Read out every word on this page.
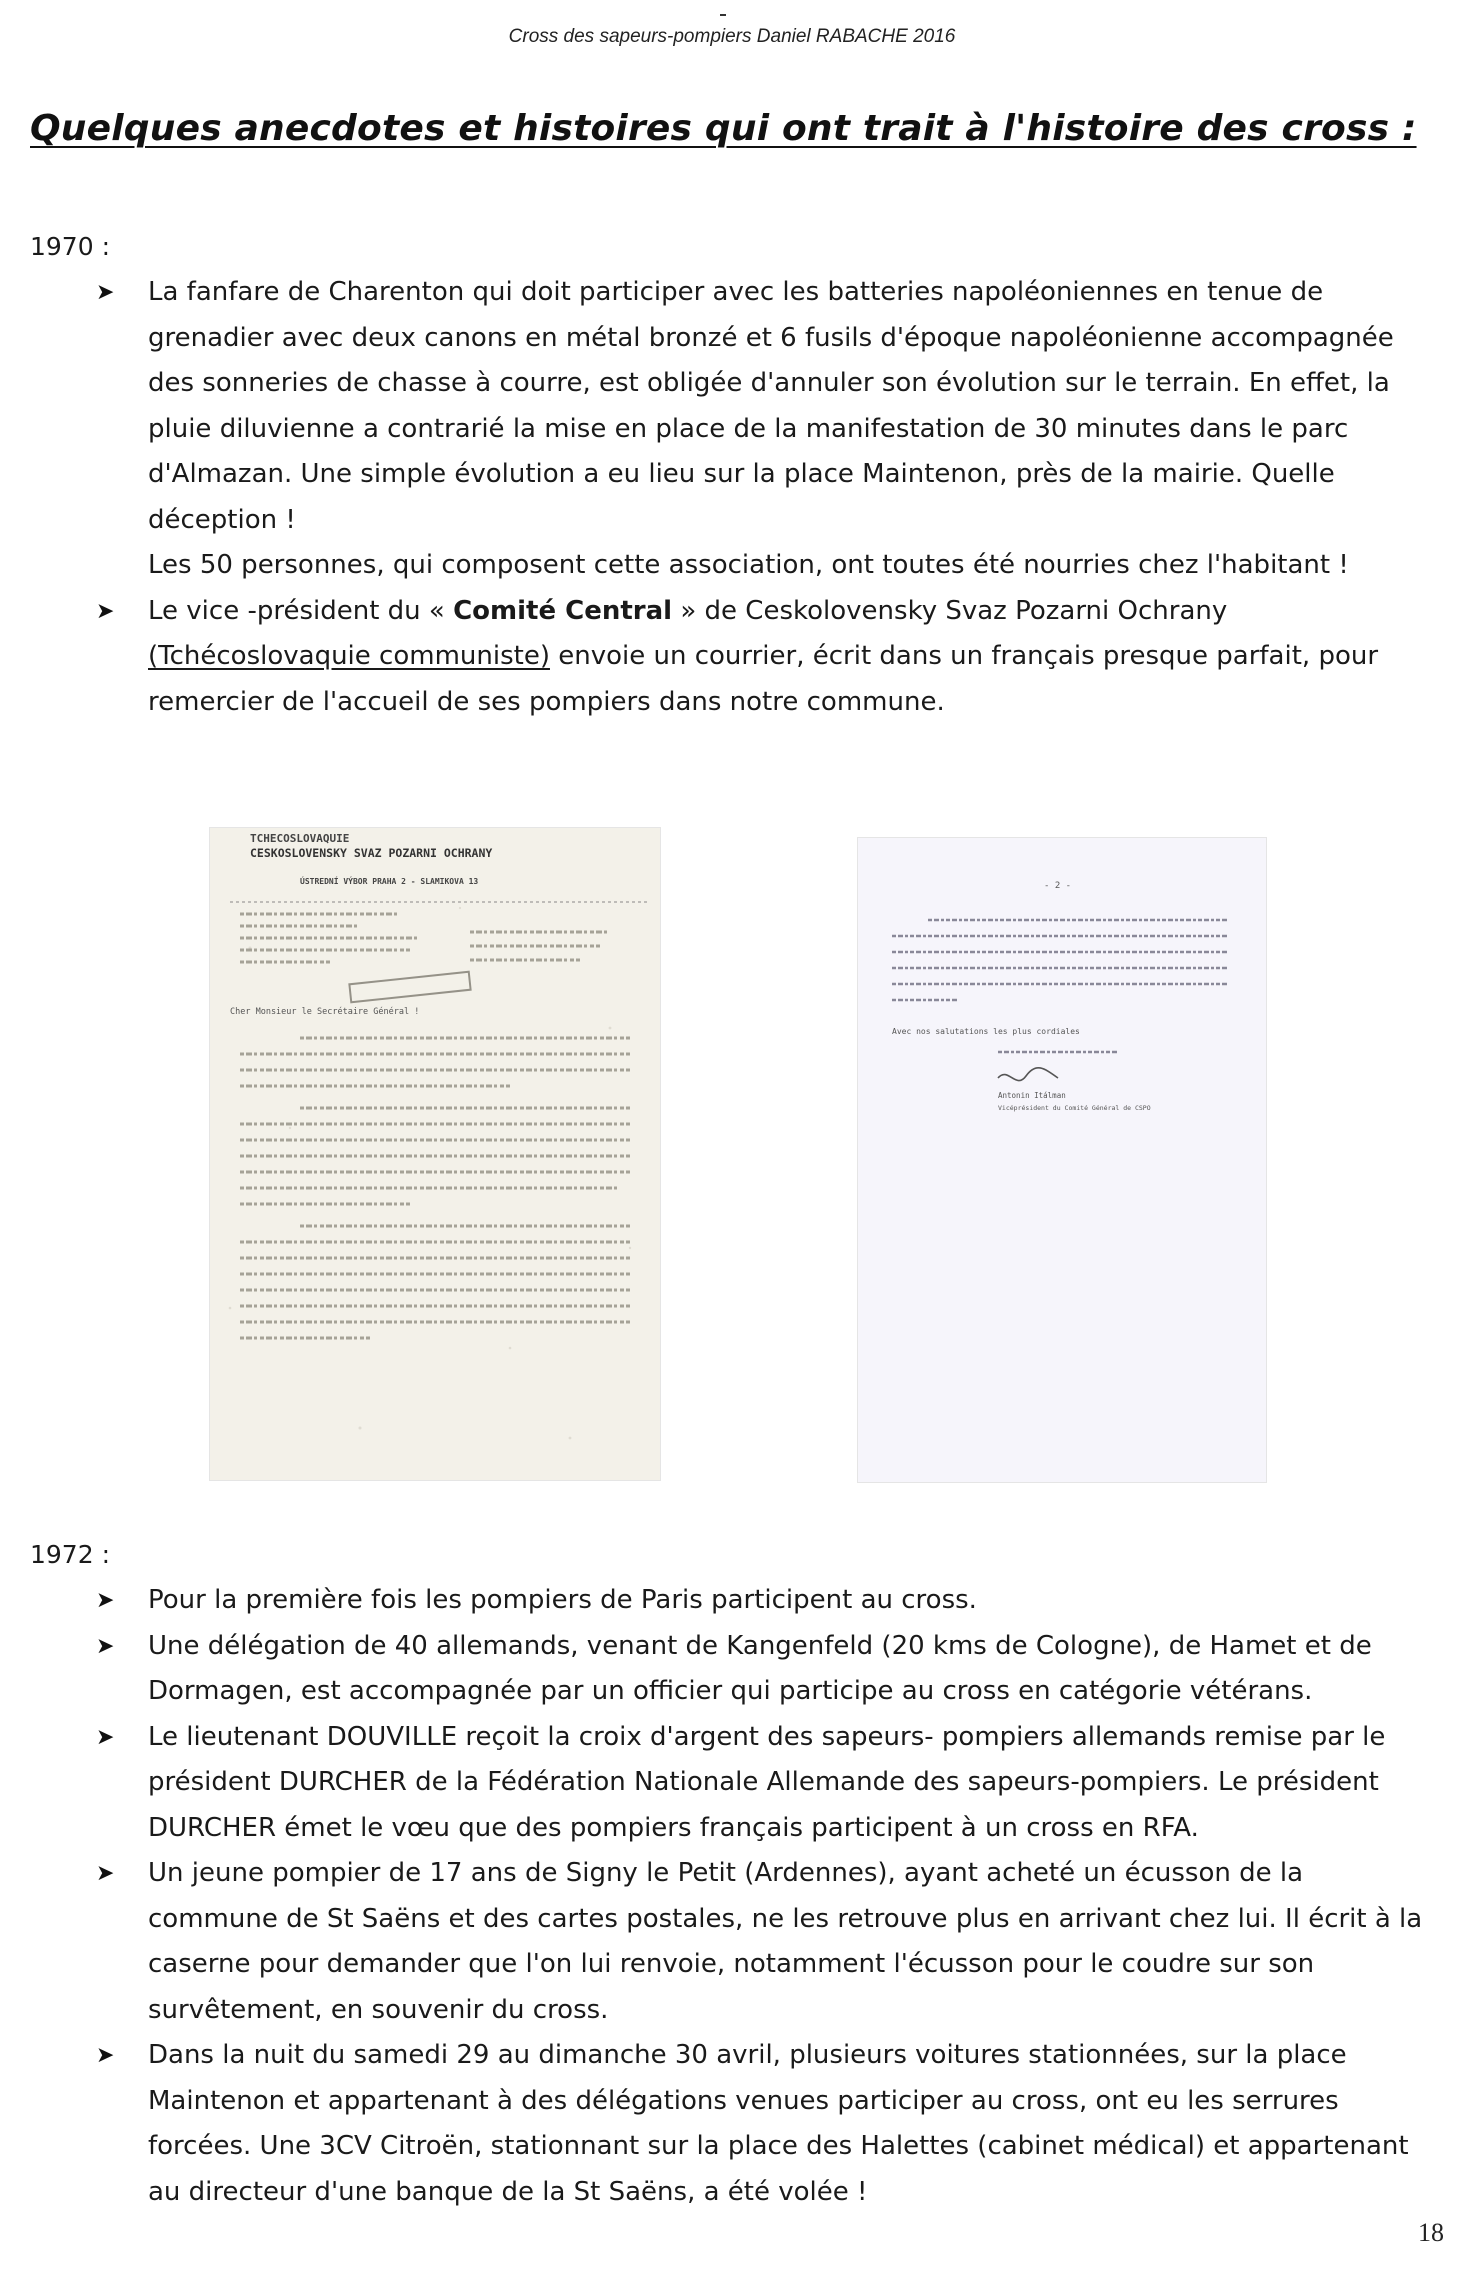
Cross des sapeurs-pompiers Daniel RABACHE 2016
Quelques anecdotes et histoires qui ont trait à l'histoire des cross :
1970 :
➤ La fanfare de Charenton qui doit participer avec les batteries napoléoniennes en tenue de grenadier avec deux canons en métal bronzé et 6 fusils d'époque napoléonienne accompagnée des sonneries de chasse à courre, est obligée d'annuler son évolution sur le terrain. En effet, la pluie diluvienne a contrarié la mise en place de la manifestation de 30 minutes dans le parc d'Almazan. Une simple évolution a eu lieu sur la place Maintenon, près de la mairie. Quelle déception !
Les 50 personnes, qui composent cette association, ont toutes été nourries chez l'habitant !
➤ Le vice -président du « Comité Central » de Ceskolovensky Svaz Pozarni Ochrany (Tchécoslovaquie communiste) envoie un courrier, écrit dans un français presque parfait, pour remercier de l'accueil de ses pompiers dans notre commune.
TCHECOSLOVAQUIE
CESKOSLOVENSKY SVAZ POZARNI OCHRANY
ÚSTREDNÍ VÝBOR PRAHA 2 - SLAMIKOVA 13
Cher Monsieur le Secrétaire Général !
- 2 -
Avec nos salutations les plus cordiales
Antonin Itálman
Vicéprésident du Comité Général de CSPO
1972 :
➤ Pour la première fois les pompiers de Paris participent au cross.
➤ Une délégation de 40 allemands, venant de Kangenfeld (20 kms de Cologne), de Hamet et de Dormagen, est accompagnée par un officier qui participe au cross en catégorie vétérans.
➤ Le lieutenant DOUVILLE reçoit la croix d'argent des sapeurs- pompiers allemands remise par le président DURCHER de la Fédération Nationale Allemande des sapeurs-pompiers. Le président DURCHER émet le vœu que des pompiers français participent à un cross en RFA.
➤ Un jeune pompier de 17 ans de Signy le Petit (Ardennes), ayant acheté un écusson de la commune de St Saëns et des cartes postales, ne les retrouve plus en arrivant chez lui. Il écrit à la caserne pour demander que l'on lui renvoie, notamment l'écusson pour le coudre sur son survêtement, en souvenir du cross.
➤ Dans la nuit du samedi 29 au dimanche 30 avril, plusieurs voitures stationnées, sur la place Maintenon et appartenant à des délégations venues participer au cross, ont eu les serrures forcées. Une 3CV Citroën, stationnant sur la place des Halettes (cabinet médical) et appartenant au directeur d'une banque de la St Saëns, a été volée !
18
